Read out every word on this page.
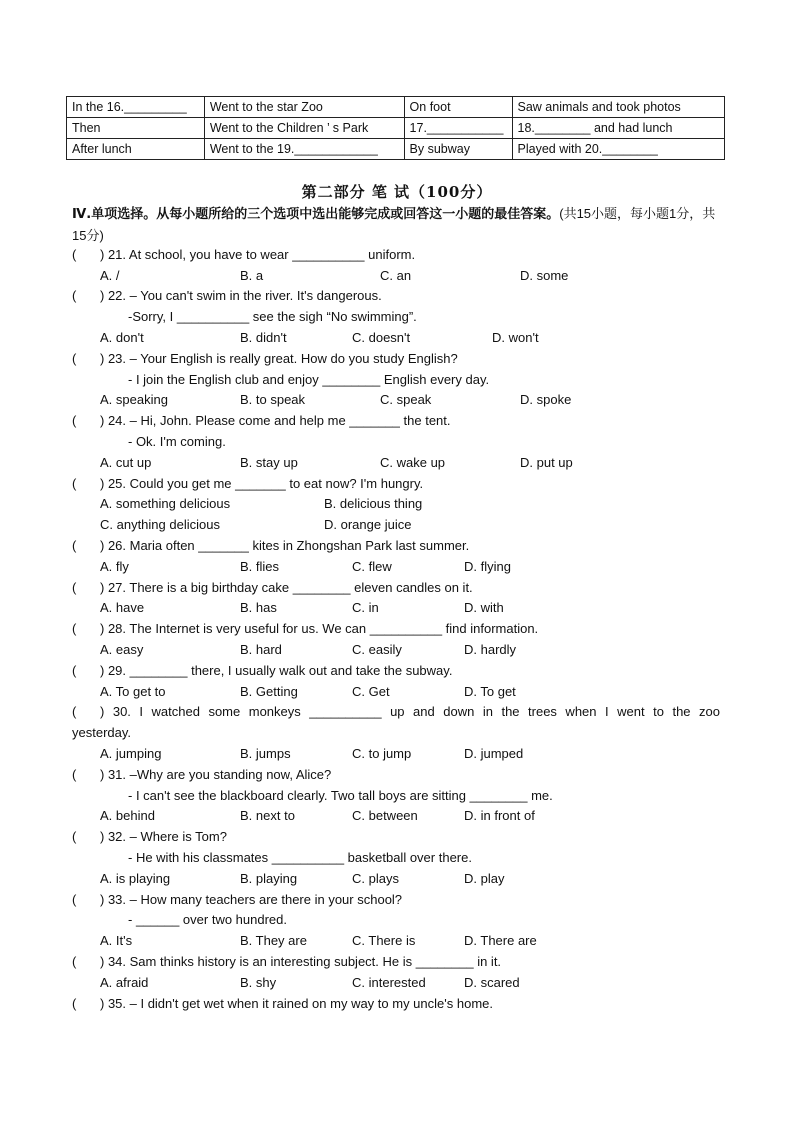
In the 16._________	Went to the star Zoo	On foot	Saw animals and took photos
Then	Went to the Children ’ s Park	17.___________	18.________ and had lunch
After lunch	Went to the 19.____________	By subway	Played with 20.________
第二部分 笔 试（100分）
Ⅳ.单项选择。从每小题所给的三个选项中选出能够完成或回答这一小题的最佳答案。(共15小题，每小题1分，共15分)
( ) 21. At school, you have to wear __________ uniform.
A. /	B. a	C. an	D. some
( ) 22. – You can't swim in the river. It's dangerous.
-Sorry, I __________ see the sigh “No swimming”.
A. don't	B. didn't	C. doesn't	D. won't
( ) 23. – Your English is really great. How do you study English?
- I join the English club and enjoy ________ English every day.
A. speaking	B. to speak	C. speak	D. spoke
( ) 24. – Hi, John. Please come and help me _______ the tent.
- Ok. I'm coming.
A. cut up	B. stay up	C. wake up	D. put up
( ) 25. Could you get me _______ to eat now? I'm hungry.
A. something delicious	B. delicious thing
C. anything delicious	D. orange juice
( ) 26. Maria often _______ kites in Zhongshan Park last summer.
A. fly	B. flies	C. flew	D. flying
( ) 27. There is a big birthday cake ________ eleven candles on it.
A. have	B. has	C. in	D. with
( ) 28. The Internet is very useful for us. We can __________ find information.
A. easy	B. hard	C. easily	D. hardly
( ) 29. ________ there, I usually walk out and take the subway.
A. To get to	B. Getting	C. Get	D. To get
( ) 30. I watched some monkeys __________ up and down in the trees when I went to the zoo
yesterday.
A. jumping	B. jumps	C. to jump	D. jumped
( ) 31. –Why are you standing now, Alice?
- I can't see the blackboard clearly. Two tall boys are sitting ________ me.
A. behind	B. next to	C. between	D. in front of
( ) 32. – Where is Tom?
- He with his classmates __________ basketball over there.
A. is playing	B. playing	C. plays	D. play
( ) 33. – How many teachers are there in your school?
- ______ over two hundred.
A. It's	B. They are	C. There is	D. There are
( ) 34. Sam thinks history is an interesting subject. He is ________ in it.
A. afraid	B. shy	C. interested	D. scared
( ) 35. – I didn't get wet when it rained on my way to my uncle's home.
